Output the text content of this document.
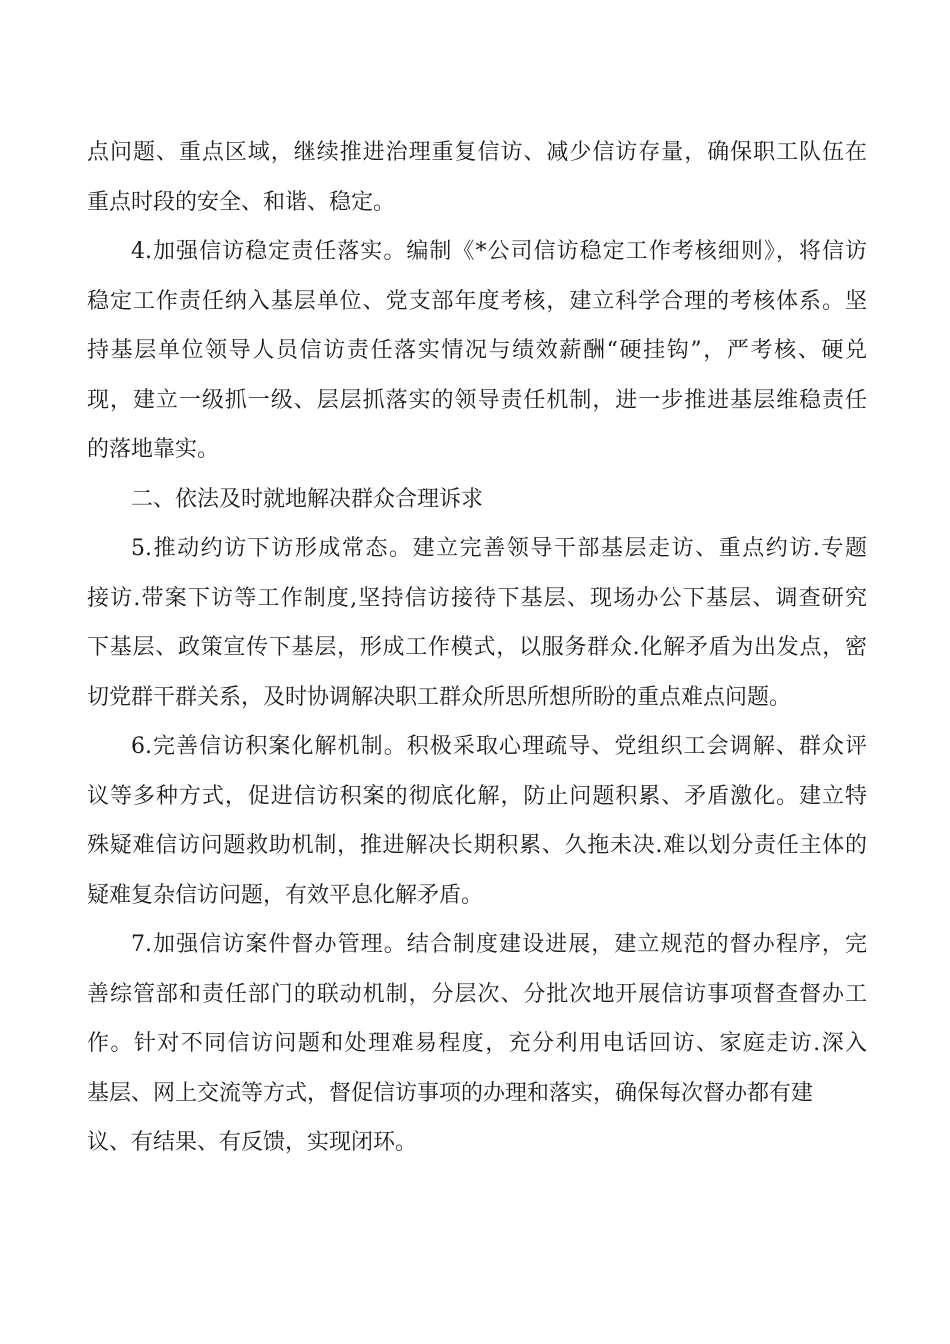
点问题、重点区域，继续推进治理重复信访、减少信访存量，确保职工队伍在
重点时段的安全、和谐、稳定。
4.加强信访稳定责任落实。编制《*公司信访稳定工作考核细则》，将信访
稳定工作责任纳入基层单位、党支部年度考核，建立科学合理的考核体系。坚
持基层单位领导人员信访责任落实情况与绩效薪酬“硬挂钩”，严考核、硬兑
现，建立一级抓一级、层层抓落实的领导责任机制，进一步推进基层维稳责任
的落地靠实。
二、依法及时就地解决群众合理诉求
5.推动约访下访形成常态。建立完善领导干部基层走访、重点约访.专题
接访.带案下访等工作制度,坚持信访接待下基层、现场办公下基层、调查研究
下基层、政策宣传下基层，形成工作模式，以服务群众.化解矛盾为出发点，密
切党群干群关系，及时协调解决职工群众所思所想所盼的重点难点问题。
6.完善信访积案化解机制。积极采取心理疏导、党组织工会调解、群众评
议等多种方式，促进信访积案的彻底化解，防止问题积累、矛盾激化。建立特
殊疑难信访问题救助机制，推进解决长期积累、久拖未决.难以划分责任主体的
疑难复杂信访问题，有效平息化解矛盾。
7.加强信访案件督办管理。结合制度建设进展，建立规范的督办程序，完
善综管部和责任部门的联动机制，分层次、分批次地开展信访事项督查督办工
作。针对不同信访问题和处理难易程度，充分利用电话回访、家庭走访.深入
基层、网上交流等方式，督促信访事项的办理和落实，确保每次督办都有建
议、有结果、有反馈，实现闭环。
